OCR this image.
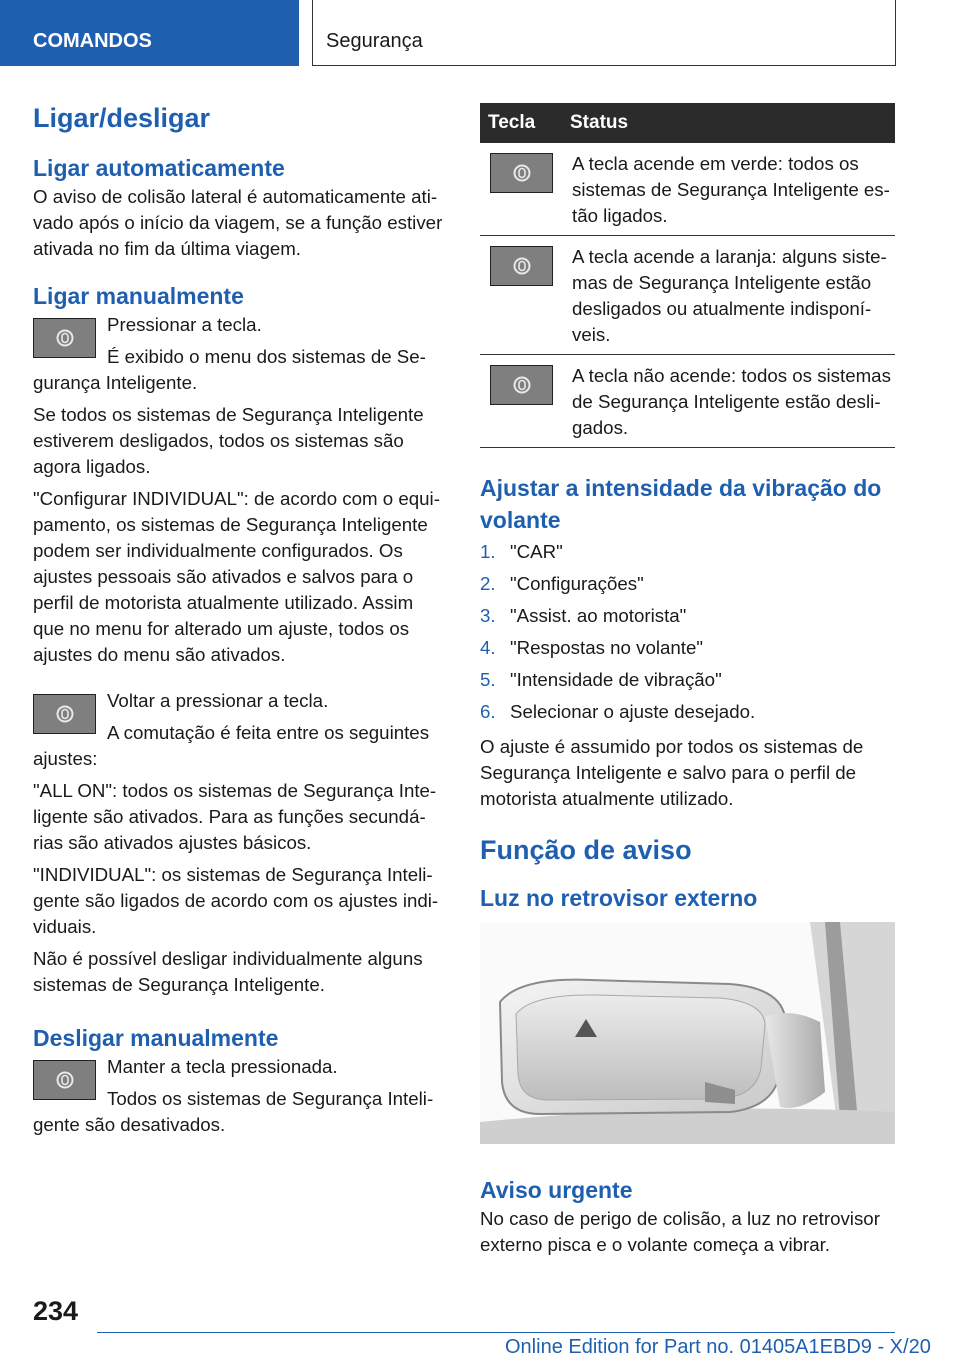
COMANDOS	Segurança

Ligar/desligar

Ligar automaticamente

O aviso de colisão lateral é automaticamente ati-vado após o início da viagem, se a função estiver ativada no fim da última viagem.

Ligar manualmente

Pressionar a tecla.

É exibido o menu dos sistemas de Se-gurança Inteligente.

Se todos os sistemas de Segurança Inteligente estiverem desligados, todos os sistemas são agora ligados.

"Configurar INDIVIDUAL": de acordo com o equi-pamento, os sistemas de Segurança Inteligente podem ser individualmente configurados. Os ajustes pessoais são ativados e salvos para o perfil de motorista atualmente utilizado. Assim que no menu for alterado um ajuste, todos os ajustes do menu são ativados.

Voltar a pressionar a tecla.

A comutação é feita entre os seguintes ajustes:

"ALL ON": todos os sistemas de Segurança Inte-ligente são ativados. Para as funções secundá-rias são ativados ajustes básicos.

"INDIVIDUAL": os sistemas de Segurança Inteli-gente são ligados de acordo com os ajustes indi-viduais.

Não é possível desligar individualmente alguns sistemas de Segurança Inteligente.

Desligar manualmente

Manter a tecla pressionada.

Todos os sistemas de Segurança Inteli-gente são desativados.

Tecla	Status

	A tecla acende em verde: todos os sistemas de Segurança Inteligente es-tão ligados.

	A tecla acende a laranja: alguns siste-mas de Segurança Inteligente estão desligados ou atualmente indisponí-veis.

	A tecla não acende: todos os sistemas de Segurança Inteligente estão desli-gados.

Ajustar a intensidade da vibração do volante

1. "CAR"
2. "Configurações"
3. "Assist. ao motorista"
4. "Respostas no volante"
5. "Intensidade de vibração"
6. Selecionar o ajuste desejado.

O ajuste é assumido por todos os sistemas de Segurança Inteligente e salvo para o perfil de motorista atualmente utilizado.

Função de aviso

Luz no retrovisor externo

Aviso urgente

No caso de perigo de colisão, a luz no retrovisor externo pisca e o volante começa a vibrar.

234
Online Edition for Part no. 01405A1EBD9 - X/20
